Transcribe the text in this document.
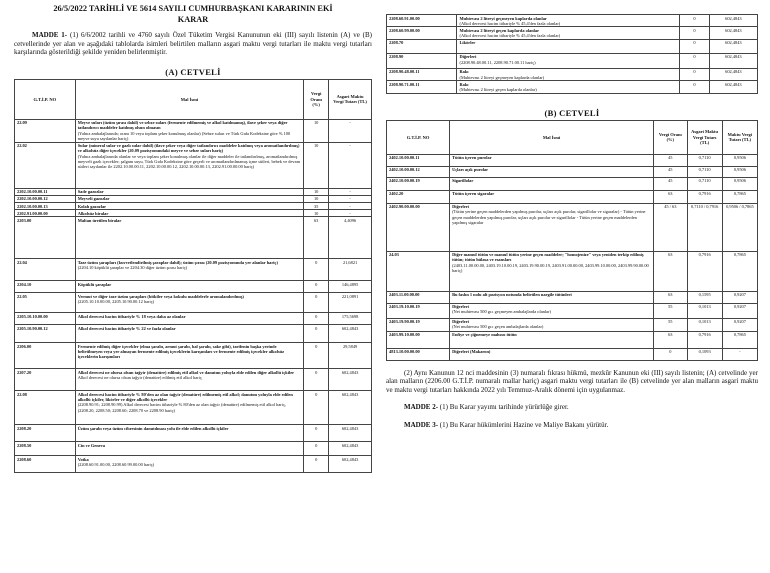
26/5/2022 TARİHLİ VE 5614 SAYILI CUMHURBAŞKANI KARARININ EKİ
KARAR

MADDE 1- (1) 6/6/2002 tarihli ve 4760 sayılı Özel Tüketim Vergisi Kanununun eki (III) sayılı listenin (A) ve (B) cetvellerinde yer alan ve aşağıdaki tablolarda isimleri belirtilen malların asgari maktu vergi tutarları ile maktu vergi tutarları karşılarında gösterildiği şekilde yeniden belirlenmiştir.

(A) CETVELİ
G.T.İ.P. NO	Mal İsmi	Vergi Oranı (%)	Asgari Maktu Vergi Tutarı (TL)
22.09	Meyve suları (üzüm şırası dahil) ve sebze suları (fermente edilmemiş ve alkol katılmamış), ilave şeker veya diğer tatlandırıcı maddeler katılmış olsun olmasın
(Yalnız ambalajlarında; oranı 10 veya toplam şeker konulmuş olanlar) (Sebze suları ve Türk Gıda Kodeksine göre % 100 meyve suyu sayılanlar hariç)	10	-
22.02	Sular (mineral sular ve gazlı sular dahil) (ilave şeker veya diğer tatlandırıcı maddeler katılmış veya aromatlandırılmış) ve alkolsüz diğer içecekler (20.09 pozisyonundaki meyve ve sebze suları hariç)
(Yalnız ambalajlarında olanlar ve veya toplam şeker konulmuş olanlar ile diğer maddeler ile tatlandırılmış, aromatlandırılmış meyveli gazlı içecekler; şalgam suyu, Türk Gıda Kodeksine göre geçerli ve aromatlandırılmamış içme sütleri, bebek ve devam sütleri sayılanlar ile 2202.10.00.00.11, 2202.10.00.00.12, 2202.10.00.00.13, 2202.91.00.00.00 hariç)	10	-
2202.10.00.00.11	Sade gazozlar	10	-
2202.10.00.00.12	Meyveli gazozlar	10	-
2202.10.00.00.13	Kolalı gazozlar	35	-
2202.91.00.00.00	Alkolsüz biralar	10	-
2203.00	Maltan üretilen biralar	63	4,4096
22.04	Taze üzüm şarapları (kuvvetlendirilmiş şaraplar dahil); üzüm şırası (20.09 pozisyonunda yer alanlar hariç)
(2204.10 köpüklü şaraplar ve 2204.30 diğer üzüm şırası hariç)	0	21,6821
2204.10	Köpüklü şaraplar	0	146,4895
22.05	Vermut ve diğer taze üzüm şarapları (bitkiler veya kokulu maddelerle aromalandırılmış)
(2205.10.10.00.00, 2205.10.90.00.12 hariç)	0	221,0891
2205.10.10.00.00	Alkol derecesi hacim itibariyle % 18 veya daha az olanlar	0	175,5698
2205.10.90.00.12	Alkol derecesi hacim itibariyle % 22 ve fazla olanlar	0	602,4843
2206.00	Fermente edilmiş diğer içecekler (elma şarabı, armut şarabı, bal şarabı, sake gibi), tarifenin başka yerinde belirtilmeyen veya yer almayan fermente edilmiş içeceklerin karışımları ve fermente edilmiş içecekler alkolsüz içeceklerin karışımları	0	29,5849
2207.20	Alkol derecesi ne olursa olsun tağyir (denatüre) edilmiş etil alkol ve damıtım yoluyla elde edilen diğer alkollü içkiler
Alkol derecesi ne olursa olsun tağyir (denatüre) edilmiş etil alkol hariç	0	602,4843
22.08	Alkol derecesi hacim itibariyle % 80'den az olan tağyir (denatüre) edilmemiş etil alkol; damıtım yoluyla elde edilen alkollü içkiler, likörler ve diğer alkollü içecekler
(2208.90.91; 2208.90.99) Alkol derecesi hacim itibariyle % 80'den az olan tağyir (denatüre) edilmemiş etil alkol hariç, (2208.20, 2208.50; 2208.60; 2208.70 ve 2208.90 hariç)	0	602,4843
2208.20	Üzüm şarabı veya üzüm cibresinin damıtılması yolu ile elde edilen alkollü içkiler	0	602,4843
2208.50	Cin ve Geneva	0	602,4843
2208.60	Votka
(2208.60.91.00.00, 2208.60.99.00.00 hariç)	0	602,4843
2208.60.91.00.00	Muhtevası 2 litreyi geçmeyen kaplarda olanlar
(Alkol derecesi hacim itibariyle % 45,4'den fazla olanlar)	0	602,4843
2208.60.99.00.00	Muhtevası 2 litreyi geçen kaplarda olanlar
(Alkol derecesi hacim itibariyle % 45,4'den fazla olanlar)	0	602,4843
2208.70	Likörler	0	602,4843
2208.90	Diğerleri
(2208.90.48.00.11, 2208.90.71.00.11 hariç)	0	602,4843
2208.90.48.00.11	Rakı
(Muhtevası 2 litreyi geçmeyen kaplarda olanlar)	0	602,4843
2208.90.71.00.11	Rakı
(Muhtevası 2 litreyi geçen kaplarda olanlar)	0	602,4843
(B) CETVELİ
G.T.İ.P. NO	Mal İsmi	Vergi Oranı (%)	Asgari Maktu Vergi Tutarı (TL)	Maktu Vergi Tutarı (TL)
2402.10.00.00.11	Tütün içeren purolar	45	0,7110	0,9506
2402.10.00.00.12	Uçları açık purolar	45	0,7110	0,9506
2402.10.00.00.19	Sigarillolar	45	0,7110	0,9506
2402.20	Tütün içeren sigaralar	63	0,7916	0,7865
2402.90.00.00.00	Diğerleri
(Tütün yerine geçen maddelerden yapılmış purolar, uçları açık purolar, sigarillolar ve sigaralar) - Tütün yerine geçen maddelerden yapılmış purolar, uçları açık purolar ve sigarillolar - Tütün yerine geçen maddelerden yapılmış sigaralar	45 / 63	0,7110 / 0,7916	0,9506 / 0,7865
24.03	Diğer mamul tütün ve mamul tütün yerine geçen maddeler; "homojenize" veya yeniden terkip edilmiş tütün; tütün hülasa ve esansları
(2403.11.00.00.00, 2403.19.10.00.19, 2403.19.90.00.19, 2403.91.00.00.00, 2403.99.10.00.00, 2403.99.90.00.00 hariç)	63	0,7916	0,7865
2403.11.00.00.00	Bu faslın 1 nolu alt pozisyon notunda belirtilen nargile tütünleri	63	0,1595	0,9207
2403.19.10.00.19	Diğerleri
(Net muhtevası 500 gr.ı geçmeyen ambalajlarda olanlar)	55	0,1013	0,9207
2403.19.90.00.19	Diğerleri
(Net muhtevası 500 gr.ı geçen ambalajlarda olanlar)	55	0,1013	0,9207
2403.99.10.00.00	Enfiye ve çiğnemeye mahsus tütün	63	0,7916	0,7865
4813.10.00.00.00	Diğerleri (Makaron)	0	0,1093	-

(2) Aynı Kanunun 12 nci maddesinin (3) numaralı fıkrası hükmü, mezkûr Kanunun eki (III) sayılı listenin; (A) cetvelinde yer alan malların (2206.00 G.T.İ.P. numaralı mallar hariç) asgari maktu vergi tutarları ile (B) cetvelinde yer alan malların asgari maktu ve maktu vergi tutarları hakkında 2022 yılı Temmuz-Aralık dönemi için uygulanmaz.

MADDE 2- (1) Bu Karar yayımı tarihinde yürürlüğe girer.

MADDE 3- (1) Bu Karar hükümlerini Hazine ve Maliye Bakanı yürütür.
